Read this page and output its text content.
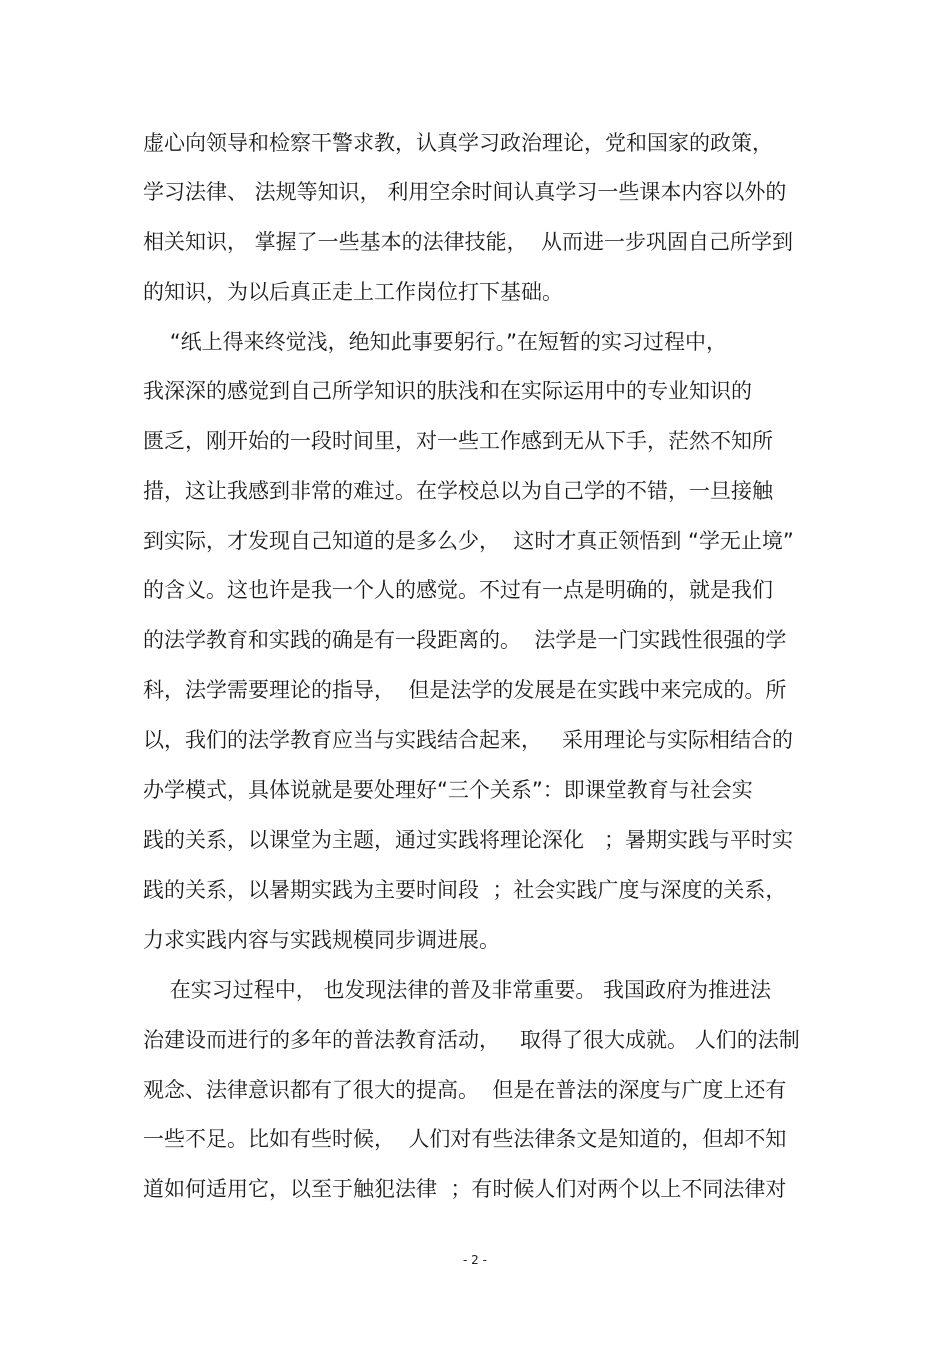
虚心向领导和检察干警求教，认真学习政治理论，党和国家的政策，
学习法律、 法规等知识， 利用空余时间认真学习一些课本内容以外的
相关知识， 掌握了一些基本的法律技能，  从而进一步巩固自己所学到
的知识，为以后真正走上工作岗位打下基础。
“纸上得来终觉浅，绝知此事要躬行。”在短暂的实习过程中，
我深深的感觉到自己所学知识的肤浅和在实际运用中的专业知识的
匮乏，刚开始的一段时间里，对一些工作感到无从下手，茫然不知所
措，这让我感到非常的难过。在学校总以为自己学的不错，一旦接触
到实际，才发现自己知道的是多么少，  这时才真正领悟到 “学无止境”
的含义。这也许是我一个人的感觉。不过有一点是明确的，就是我们
的法学教育和实践的确是有一段距离的。  法学是一门实践性很强的学
科，法学需要理论的指导，  但是法学的发展是在实践中来完成的。所
以，我们的法学教育应当与实践结合起来，   采用理论与实际相结合的
办学模式，具体说就是要处理好“三个关系”：即课堂教育与社会实
践的关系，以课堂为主题，通过实践将理论深化   ；暑期实践与平时实
践的关系，以暑期实践为主要时间段  ；社会实践广度与深度的关系，
力求实践内容与实践规模同步调进展。
在实习过程中， 也发现法律的普及非常重要。 我国政府为推进法
治建设而进行的多年的普法教育活动，   取得了很大成就。 人们的法制
观念、法律意识都有了很大的提高。  但是在普法的深度与广度上还有
一些不足。比如有些时候，  人们对有些法律条文是知道的，但却不知
道如何适用它，以至于触犯法律  ；有时候人们对两个以上不同法律对
- 2 -
